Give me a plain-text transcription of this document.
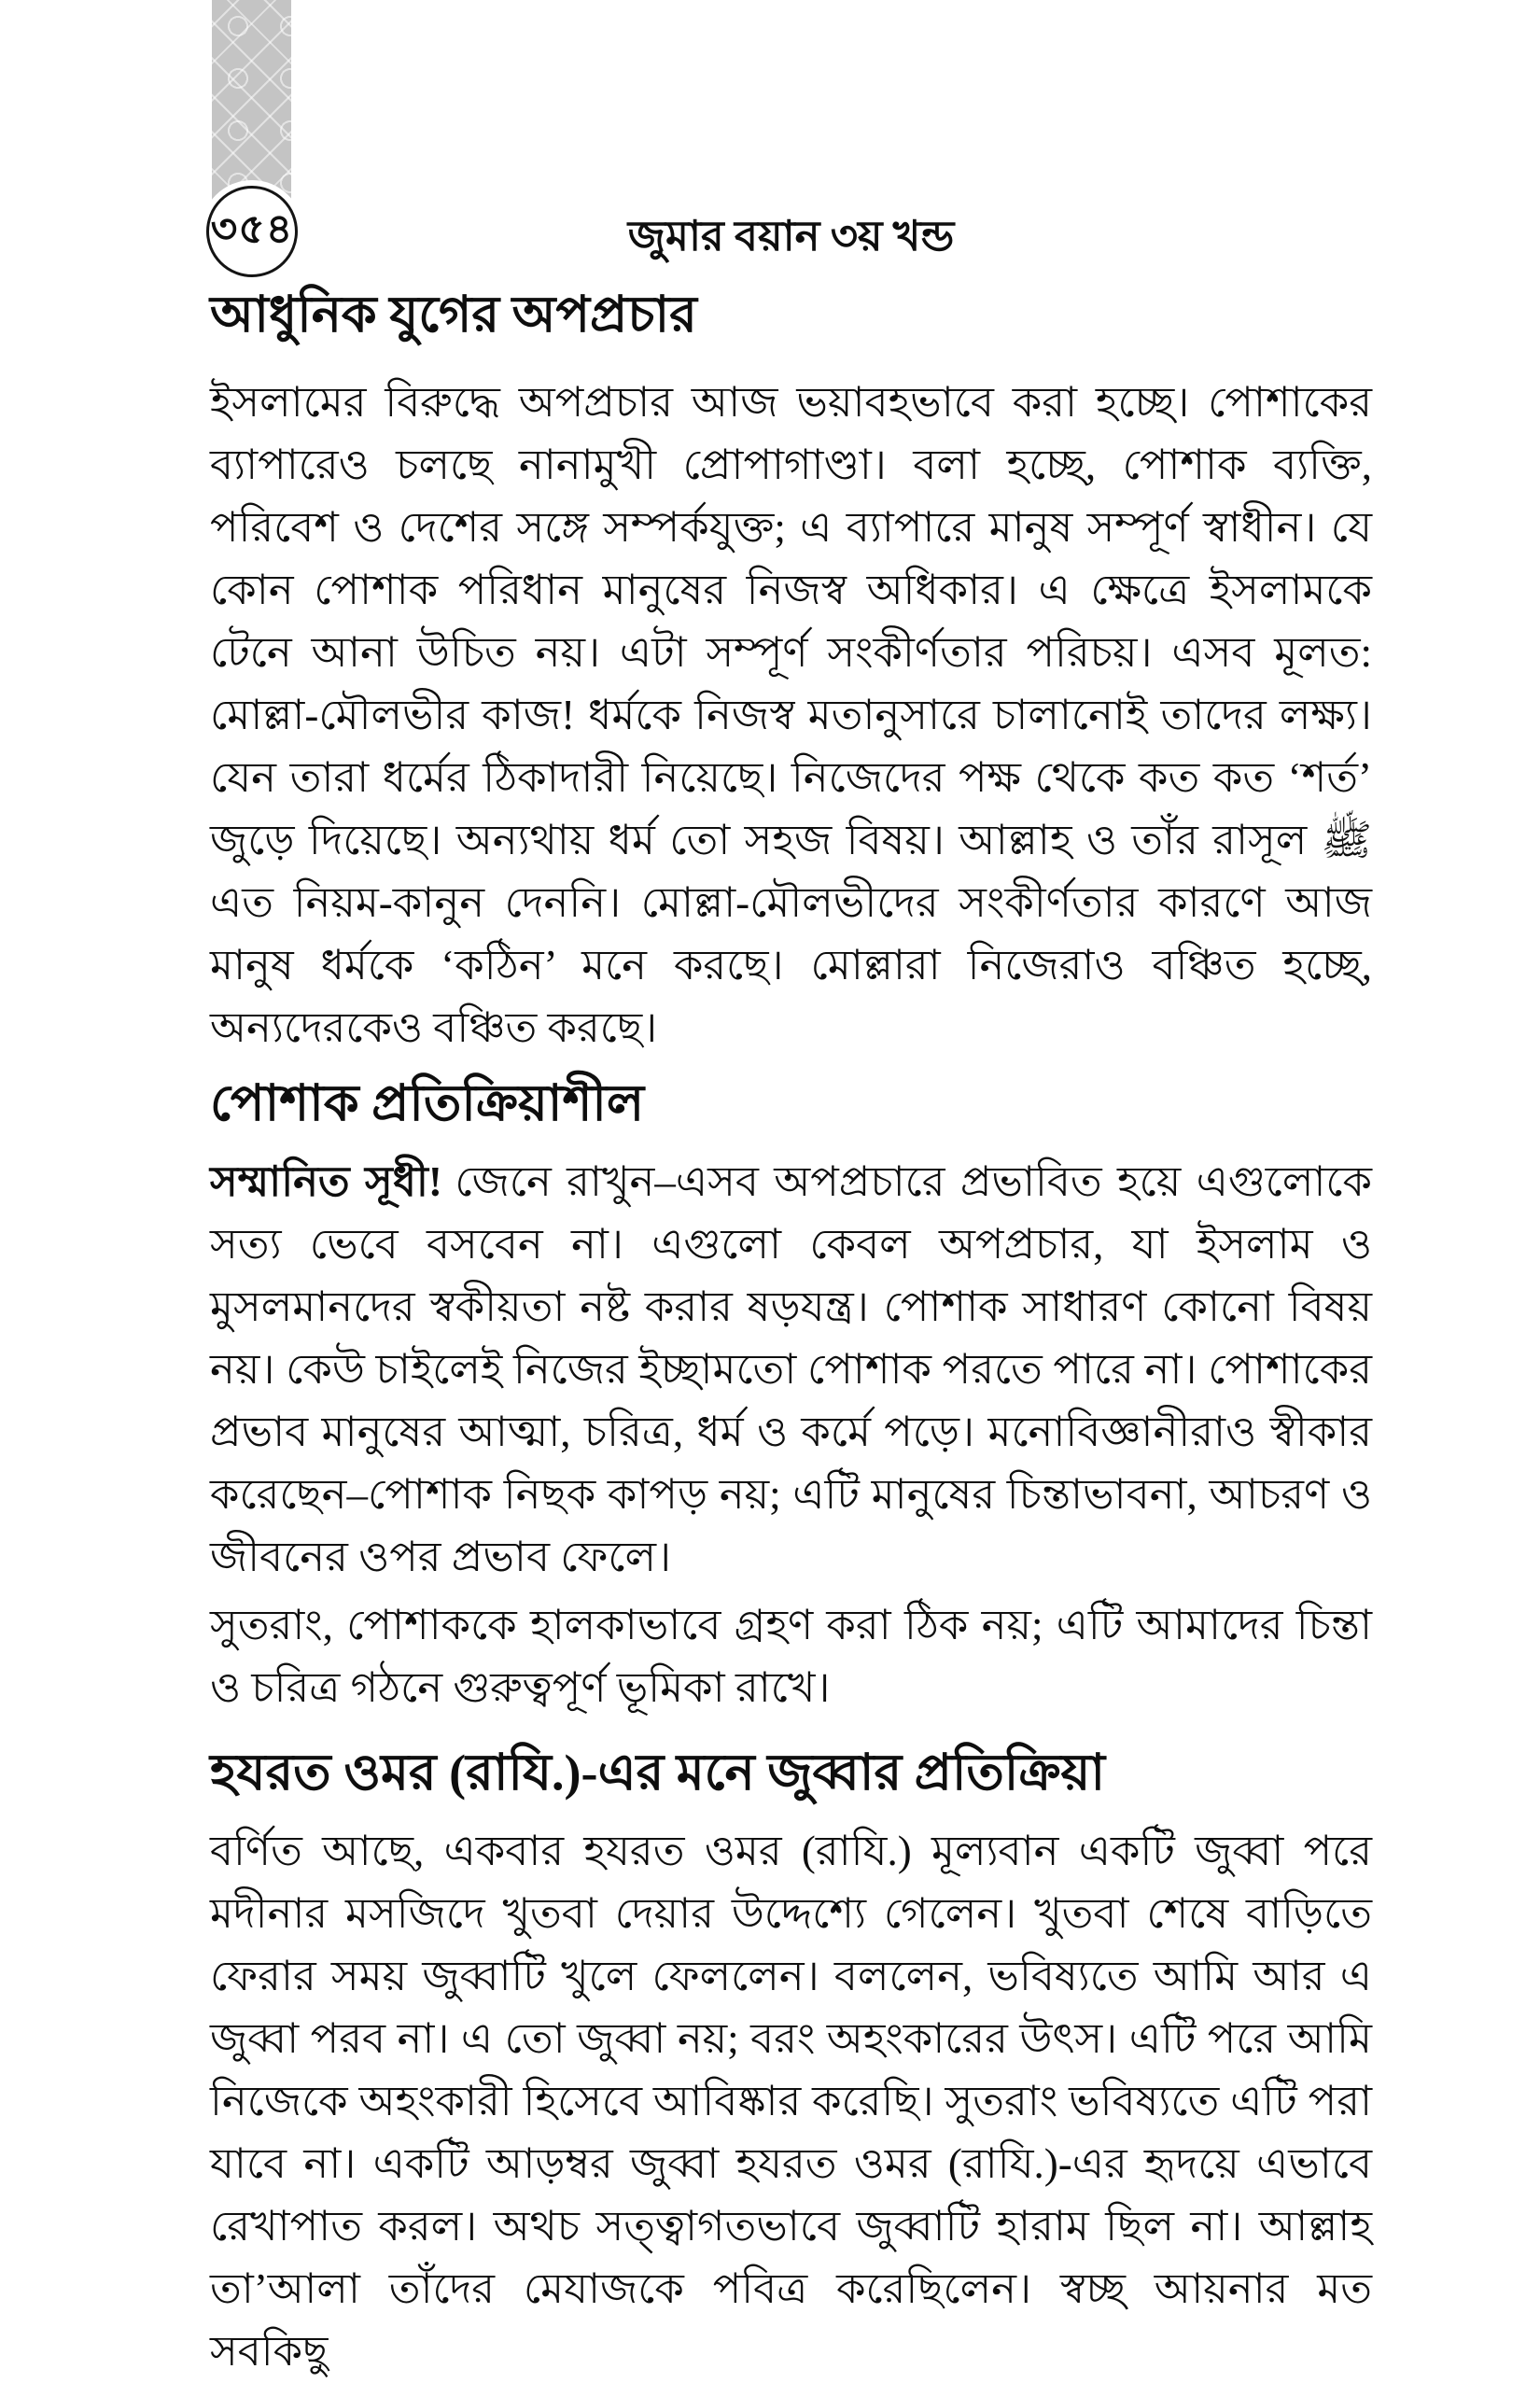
৩৫৪	জুমার বয়ান ৩য় খন্ড
আধুনিক যুগের অপপ্রচার

ইসলামের বিরুদ্ধে অপপ্রচার আজ ভয়াবহভাবে করা হচ্ছে। পোশাকের ব্যাপারেও চলছে নানামুখী প্রোপাগাণ্ডা। বলা হচ্ছে, পোশাক ব্যক্তি, পরিবেশ ও দেশের সঙ্গে সম্পর্কযুক্ত; এ ব্যাপারে মানুষ সম্পূর্ণ স্বাধীন। যে কোন পোশাক পরিধান মানুষের নিজস্ব অধিকার। এ ক্ষেত্রে ইসলামকে টেনে আনা উচিত নয়। এটা সম্পূর্ণ সংকীর্ণতার পরিচয়। এসব মূলত: মোল্লা-মৌলভীর কাজ! ধর্মকে নিজস্ব মতানুসারে চালানোই তাদের লক্ষ্য। যেন তারা ধর্মের ঠিকাদারী নিয়েছে। নিজেদের পক্ষ থেকে কত কত ‘শর্ত’ জুড়ে দিয়েছে। অন্যথায় ধর্ম তো সহজ বিষয়। আল্লাহ ও তাঁর রাসূল ﷺ এত নিয়ম-কানুন দেননি। মোল্লা-মৌলভীদের সংকীর্ণতার কারণে আজ মানুষ ধর্মকে ‘কঠিন’ মনে করছে। মোল্লারা নিজেরাও বঞ্চিত হচ্ছে, অন্যদেরকেও বঞ্চিত করছে।

পোশাক প্রতিক্রিয়াশীল

সম্মানিত সূধী! জেনে রাখুন–এসব অপপ্রচারে প্রভাবিত হয়ে এগুলোকে সত্য ভেবে বসবেন না। এগুলো কেবল অপপ্রচার, যা ইসলাম ও মুসলমানদের স্বকীয়তা নষ্ট করার ষড়যন্ত্র। পোশাক সাধারণ কোনো বিষয় নয়। কেউ চাইলেই নিজের ইচ্ছামতো পোশাক পরতে পারে না। পোশাকের প্রভাব মানুষের আত্মা, চরিত্র, ধর্ম ও কর্মে পড়ে। মনোবিজ্ঞানীরাও স্বীকার করেছেন–পোশাক নিছক কাপড় নয়; এটি মানুষের চিন্তাভাবনা, আচরণ ও জীবনের ওপর প্রভাব ফেলে।

সুতরাং, পোশাককে হালকাভাবে গ্রহণ করা ঠিক নয়; এটি আমাদের চিন্তা ও চরিত্র গঠনে গুরুত্বপূর্ণ ভূমিকা রাখে।

হযরত ওমর (রাযি.)-এর মনে জুব্বার প্রতিক্রিয়া

বর্ণিত আছে, একবার হযরত ওমর (রাযি.) মূল্যবান একটি জুব্বা পরে মদীনার মসজিদে খুতবা দেয়ার উদ্দেশ্যে গেলেন। খুতবা শেষে বাড়িতে ফেরার সময় জুব্বাটি খুলে ফেললেন। বললেন, ভবিষ্যতে আমি আর এ জুব্বা পরব না। এ তো জুব্বা নয়; বরং অহংকারের উৎস। এটি পরে আমি নিজেকে অহংকারী হিসেবে আবিষ্কার করেছি। সুতরাং ভবিষ্যতে এটি পরা যাবে না। একটি আড়ম্বর জুব্বা হযরত ওমর (রাযি.)-এর হৃদয়ে এভাবে রেখাপাত করল। অথচ সত্ত্বাগতভাবে জুব্বাটি হারাম ছিল না। আল্লাহ তা’আলা তাঁদের মেযাজকে পবিত্র করেছিলেন। স্বচ্ছ আয়নার মত সবকিছু
